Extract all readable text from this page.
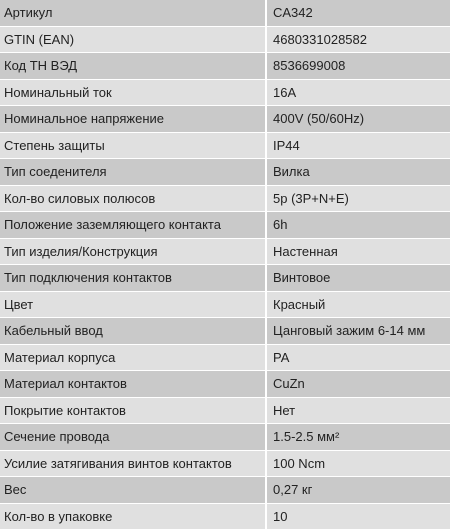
Артикул	CA342
GTIN (EAN)	4680331028582
Код ТН ВЭД	8536699008
Номинальный ток	16A
Номинальное напряжение	400V (50/60Hz)
Степень защиты	IP44
Тип соеденителя	Вилка
Кол-во силовых полюсов	5p (3P+N+E)
Положение заземляющего контакта	6h
Тип изделия/Конструкция	Настенная
Тип подключения контактов	Винтовое
Цвет	Красный
Кабельный ввод	Цанговый зажим 6-14 мм
Материал корпуса	PA
Материал контактов	CuZn
Покрытие контактов	Нет
Сечение провода	1.5-2.5 мм²
Усилие затягивания винтов контактов	100 Ncm
Вес	0,27 кг
Кол-во в упаковке	10
